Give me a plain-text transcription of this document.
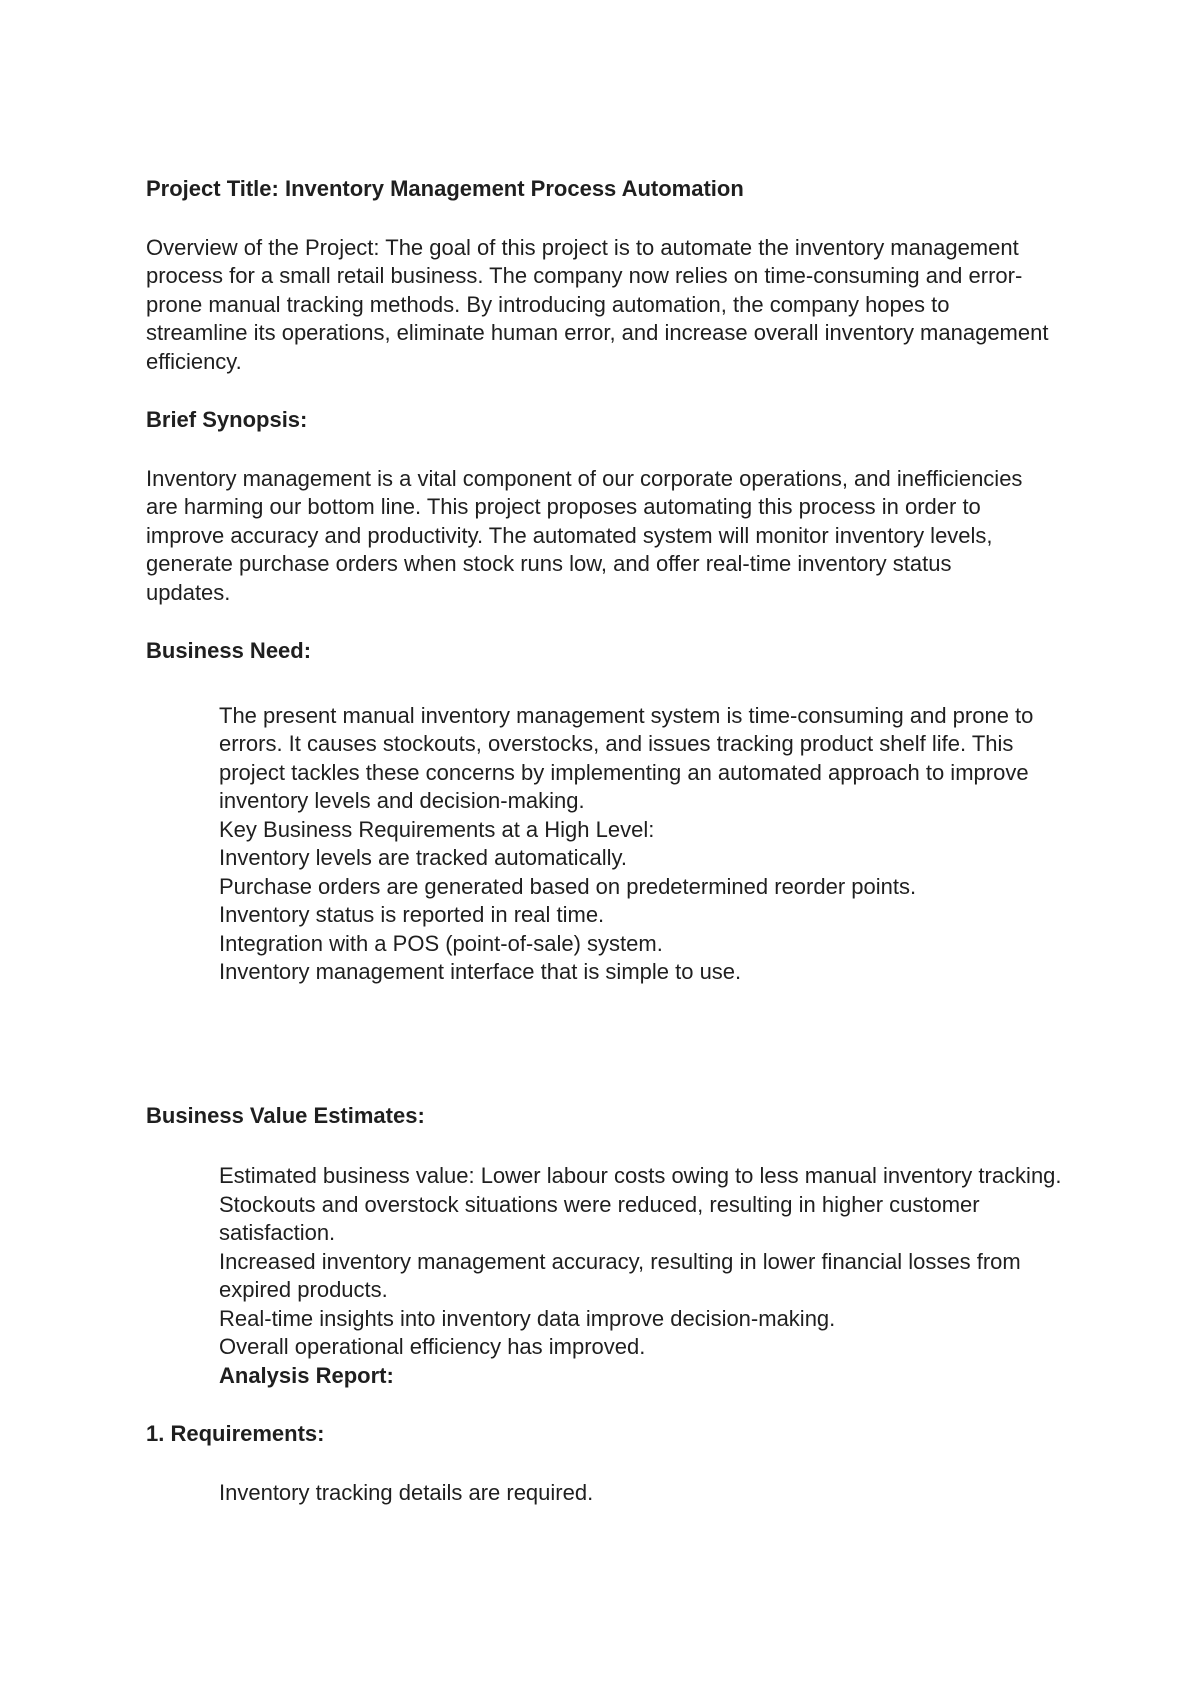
Project Title: Inventory Management Process Automation

Overview of the Project: The goal of this project is to automate the inventory management process for a small retail business. The company now relies on time-consuming and error-prone manual tracking methods. By introducing automation, the company hopes to streamline its operations, eliminate human error, and increase overall inventory management efficiency.

Brief Synopsis:

Inventory management is a vital component of our corporate operations, and inefficiencies are harming our bottom line. This project proposes automating this process in order to improve accuracy and productivity. The automated system will monitor inventory levels, generate purchase orders when stock runs low, and offer real-time inventory status updates.

Business Need:

The present manual inventory management system is time-consuming and prone to errors. It causes stockouts, overstocks, and issues tracking product shelf life. This project tackles these concerns by implementing an automated approach to improve inventory levels and decision-making.

Key Business Requirements at a High Level:
Inventory levels are tracked automatically.
Purchase orders are generated based on predetermined reorder points.
Inventory status is reported in real time.
Integration with a POS (point-of-sale) system.
Inventory management interface that is simple to use.

Business Value Estimates:

Estimated business value: Lower labour costs owing to less manual inventory tracking.
Stockouts and overstock situations were reduced, resulting in higher customer satisfaction.
Increased inventory management accuracy, resulting in lower financial losses from expired products.
Real-time insights into inventory data improve decision-making.
Overall operational efficiency has improved.
Analysis Report:

1. Requirements:

Inventory tracking details are required.
